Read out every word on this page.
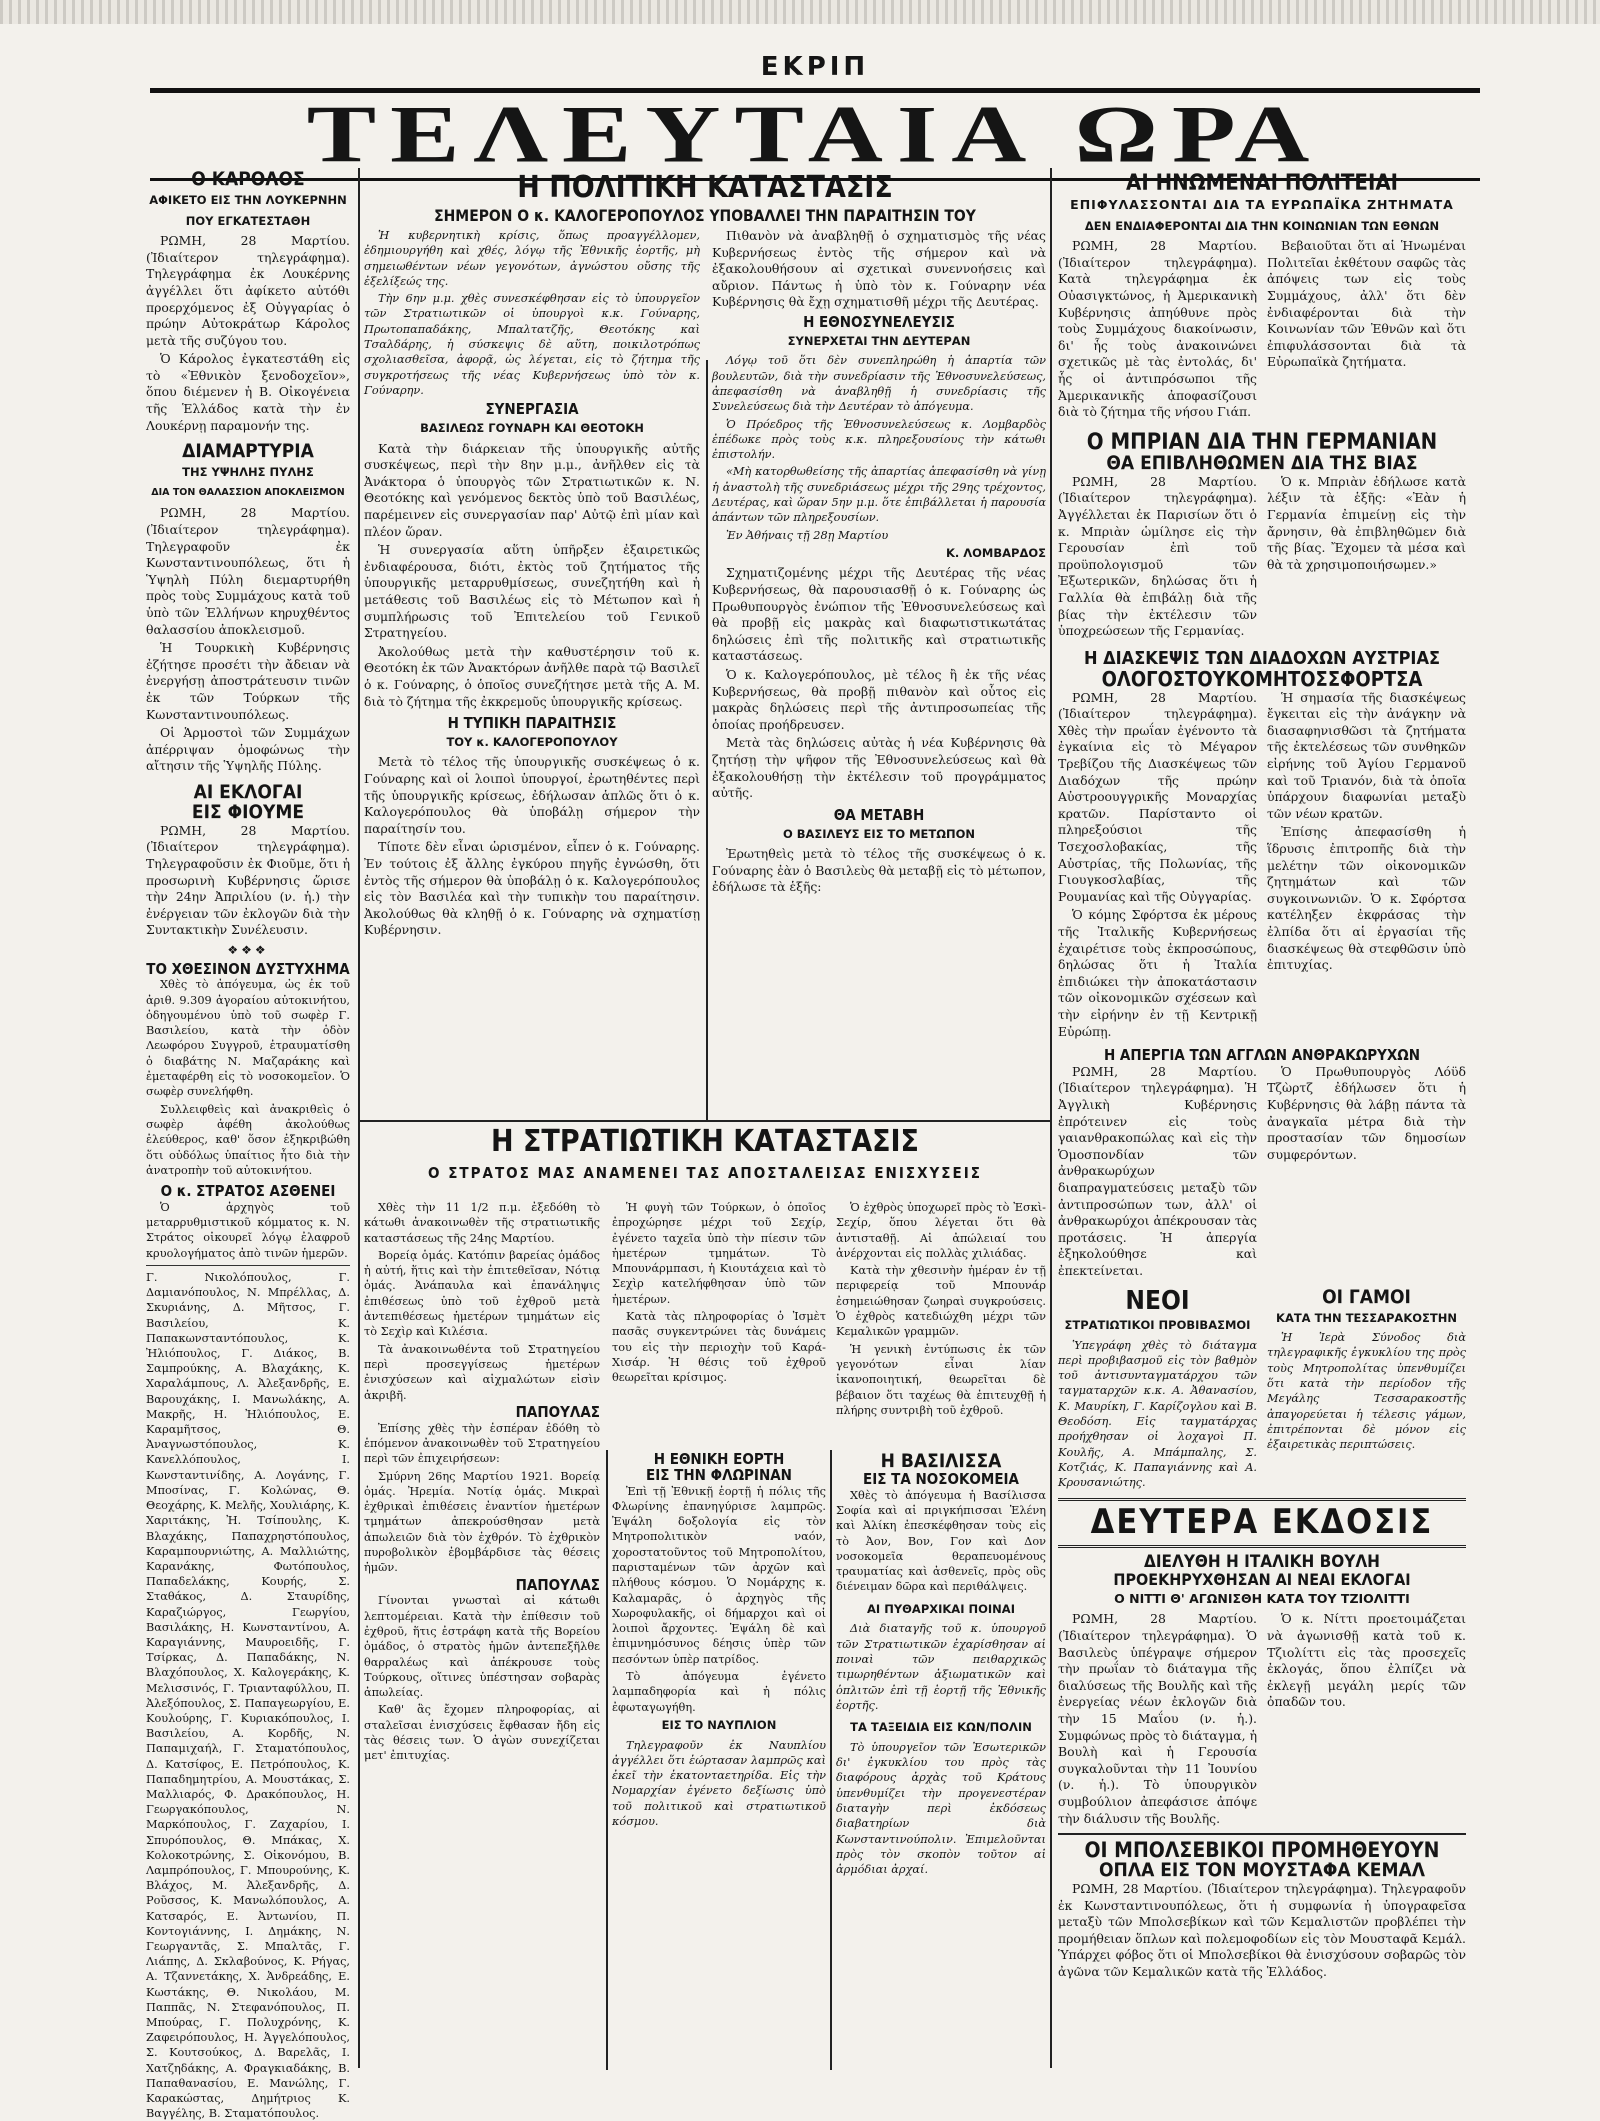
ΕΚΡΙΠ
ΤΕΛΕΥΤΑΙΑ ΩΡΑ
Ο ΚΑΡΟΛΟΣ
ΑΦΙΚΕΤΟ ΕΙΣ ΤΗΝ ΛΟΥΚΕΡΝΗΝ
ΠΟΥ ΕΓΚΑΤΕΣΤΑΘΗ

ΡΩΜΗ, 28 Μαρτίου. (Ἰδιαίτερον τηλεγράφημα). Τηλεγράφημα ἐκ Λουκέρνης ἀγγέλλει ὅτι ἀφίκετο αὐτόθι προερχόμενος ἐξ Οὐγγαρίας ὁ πρώην Αὐτοκράτωρ Κάρολος μετὰ τῆς συζύγου του.

Ὁ Κάρολος ἐγκατεστάθη εἰς τὸ «Ἐθνικὸν ξενοδοχεῖον», ὅπου διέμενεν ἡ Β. Οἰκογένεια τῆς Ἑλλάδος κατὰ τὴν ἐν Λουκέρνῃ παραμονήν της.

ΔΙΑΜΑΡΤΥΡΙΑ
ΤΗΣ ΥΨΗΛΗΣ ΠΥΛΗΣ
ΔΙΑ ΤΟΝ ΘΑΛΑΣΣΙΟΝ ΑΠΟΚΛΕΙΣΜΟΝ

ΡΩΜΗ, 28 Μαρτίου. (Ἰδιαίτερον τηλεγράφημα). Τηλεγραφοῦν ἐκ Κωνσταντινουπόλεως, ὅτι ἡ Ὑψηλὴ Πύλη διεμαρτυρήθη πρὸς τοὺς Συμμάχους κατὰ τοῦ ὑπὸ τῶν Ἑλλήνων κηρυχθέντος θαλασσίου ἀποκλεισμοῦ.

Ἡ Τουρκικὴ Κυβέρνησις ἐζήτησε προσέτι τὴν ἄδειαν νὰ ἐνεργήσῃ ἀποστράτευσιν τινῶν ἐκ τῶν Τούρκων τῆς Κωνσταντινουπόλεως.

Οἱ Ἁρμοστοὶ τῶν Συμμάχων ἀπέρριψαν ὁμοφώνως τὴν αἴτησιν τῆς Ὑψηλῆς Πύλης.

ΑΙ ΕΚΛΟΓΑΙ
ΕΙΣ ΦΙΟΥΜΕ

ΡΩΜΗ, 28 Μαρτίου. (Ἰδιαίτερον τηλεγράφημα). Τηλεγραφοῦσιν ἐκ Φιοῦμε, ὅτι ἡ προσωρινὴ Κυβέρνησις ὥρισε τὴν 24ην Ἀπριλίου (ν. ἡ.) τὴν ἐνέργειαν τῶν ἐκλογῶν διὰ τὴν Συντακτικὴν Συνέλευσιν.

❖❖❖
ΤΟ ΧΘΕΣΙΝΟΝ ΔΥΣΤΥΧΗΜΑ

Χθὲς τὸ ἀπόγευμα, ὡς ἐκ τοῦ ἀριθ. 9.309 ἀγοραίου αὐτοκινήτου, ὁδηγουμένου ὑπὸ τοῦ σωφὲρ Γ. Βασιλείου, κατὰ τὴν ὁδὸν Λεωφόρου Συγγροῦ, ἐτραυματίσθη ὁ διαβάτης Ν. Μαζαράκης καὶ ἐμεταφέρθη εἰς τὸ νοσοκομεῖον. Ὁ σωφὲρ συνελήφθη.

Συλλειφθεὶς καὶ ἀνακριθεὶς ὁ σωφὲρ ἀφέθη ἀκολούθως ἐλεύθερος, καθ' ὅσον ἐξηκριβώθη ὅτι οὐδόλως ὑπαίτιος ἦτο διὰ τὴν ἀνατροπὴν τοῦ αὐτοκινήτου.

Ο κ. ΣΤΡΑΤΟΣ ΑΣΘΕΝΕΙ

Ὁ ἀρχηγὸς τοῦ μεταρρυθμιστικοῦ κόμματος κ. Ν. Στράτος οἰκουρεῖ λόγῳ ἐλαφροῦ κρυολογήματος ἀπὸ τινῶν ἡμερῶν.

Γ. Νικολόπουλος, Γ. Δαμιανόπουλος, Ν. Μπρέλλας, Δ. Σκυριάνης, Δ. Μῆτσος, Γ. Βασιλείου, Κ. Παπακωνσταντόπουλος, Κ. Ἠλιόπουλος, Γ. Διάκος, Β. Σαμπρούκης, Α. Βλαχάκης, Κ. Χαραλάμπους, Λ. Ἀλεξανδρῆς, Ε. Βαρουχάκης, Ι. Μανωλάκης, Α. Μακρῆς, Η. Ἠλιόπουλος, Ε. Καραμῆτσος, Θ. Ἀναγνωστόπουλος, Κ. Κανελλόπουλος, Ι. Κωνσταντινίδης, Α. Λογάνης, Γ. Μποσίνας, Γ. Κολώνας, Θ. Θεοχάρης, Κ. Μελῆς, Χουλιάρης, Κ. Χαριτάκης, Ἠ. Τσίπουλης, Κ. Βλαχάκης, Παπαχρηστόπουλος, Καραμπουρνιώτης, Α. Μαλλιώτης, Καρανάκης, Φωτόπουλος, Παπαδελάκης, Κουρής, Σ. Σταθάκος, Δ. Σταυρίδης, Καραζιώργος, Γεωργίου, Βασιλάκης, Η. Κωνσταντίνου, Α. Καραγιάννης, Μαυροειδῆς, Γ. Τσίρκας, Δ. Παπαδάκης, Ν. Βλαχόπουλος, Χ. Καλογεράκης, Κ. Μελισσινός, Γ. Τριανταφύλλου, Π. Ἀλεξόπουλος, Σ. Παπαγεωργίου, Ε. Κουλούρης, Γ. Κυριακόπουλος, Ι. Βασιλείου, Α. Κορδῆς, Ν. Παπαμιχαήλ, Γ. Σταματόπουλος, Δ. Κατσίφος, Ε. Πετρόπουλος, Κ. Παπαδημητρίου, Α. Μουστάκας, Σ. Μαλλιαρός, Φ. Δρακόπουλος, Η. Γεωργακόπουλος, Ν. Μαρκόπουλος, Γ. Ζαχαρίου, Ι. Σπυρόπουλος, Θ. Μπάκας, Χ. Κολοκοτρώνης, Σ. Οἰκονόμου, Β. Λαμπρόπουλος, Γ. Μπουρούνης, Κ. Βλάχος, Μ. Ἀλεξανδρῆς, Δ. Ροῦσσος, Κ. Μανωλόπουλος, Α. Κατσαρός, Ε. Ἀντωνίου, Π. Κοντογιάννης, Ι. Δημάκης, Ν. Γεωργαντᾶς, Σ. Μπαλτᾶς, Γ. Λιάπης, Δ. Σκλαβούνος, Κ. Ρήγας, Α. Τζαννετάκης, Χ. Ἀνδρεάδης, Ε. Κωστάκης, Θ. Νικολάου, Μ. Παππᾶς, Ν. Στεφανόπουλος, Π. Μπούρας, Γ. Πολυχρόνης, Κ. Ζαφειρόπουλος, Η. Ἀγγελόπουλος, Σ. Κουτσούκος, Δ. Βαρελᾶς, Ι. Χατζηδάκης, Α. Φραγκιαδάκης, Β. Παπαθανασίου, Ε. Μανώλης, Γ. Καρακώστας, Δημήτριος Κ. Βαγγέλης, Β. Σταματόπουλος.
Η ΠΟΛΙΤΙΚΗ ΚΑΤΑΣΤΑΣΙΣ
ΣΗΜΕΡΟΝ Ο κ. ΚΑΛΟΓΕΡΟΠΟΥΛΟΣ ΥΠΟΒΑΛΛΕΙ ΤΗΝ ΠΑΡΑΙΤΗΣΙΝ ΤΟΥ

Ἡ κυβερνητικὴ κρίσις, ὅπως προαγγέλλομεν, ἐδημιουργήθη καὶ χθές, λόγῳ τῆς Ἐθνικῆς ἑορτῆς, μὴ σημειωθέντων νέων γεγονότων, ἀγνώστου οὔσης τῆς ἐξελίξεώς της.

Τὴν 6ην μ.μ. χθὲς συνεσκέφθησαν εἰς τὸ ὑπουργεῖον τῶν Στρατιωτικῶν οἱ ὑπουργοὶ κ.κ. Γούναρης, Πρωτοπαπαδάκης, Μπαλτατζῆς, Θεοτόκης καὶ Τσαλδάρης, ἡ σύσκεψις δὲ αὕτη, ποικιλοτρόπως σχολιασθεῖσα, ἀφορᾷ, ὡς λέγεται, εἰς τὸ ζήτημα τῆς συγκροτήσεως τῆς νέας Κυβερνήσεως ὑπὸ τὸν κ. Γούναρην.

ΣΥΝΕΡΓΑΣΙΑ
ΒΑΣΙΛΕΩΣ ΓΟΥΝΑΡΗ ΚΑΙ ΘΕΟΤΟΚΗ

Κατὰ τὴν διάρκειαν τῆς ὑπουργικῆς αὐτῆς συσκέψεως, περὶ τὴν 8ην μ.μ., ἀνῆλθεν εἰς τὰ Ἀνάκτορα ὁ ὑπουργὸς τῶν Στρατιωτικῶν κ. Ν. Θεοτόκης καὶ γενόμενος δεκτὸς ὑπὸ τοῦ Βασιλέως, παρέμεινεν εἰς συνεργασίαν παρ' Αὐτῷ ἐπὶ μίαν καὶ πλέον ὥραν.

Ἡ συνεργασία αὕτη ὑπῆρξεν ἐξαιρετικῶς ἐνδιαφέρουσα, διότι, ἐκτὸς τοῦ ζητήματος τῆς ὑπουργικῆς μεταρρυθμίσεως, συνεζητήθη καὶ ἡ μετάθεσις τοῦ Βασιλέως εἰς τὸ Μέτωπον καὶ ἡ συμπλήρωσις τοῦ Ἐπιτελείου τοῦ Γενικοῦ Στρατηγείου.

Ἀκολούθως μετὰ τὴν καθυστέρησιν τοῦ κ. Θεοτόκη ἐκ τῶν Ἀνακτόρων ἀνῆλθε παρὰ τῷ Βασιλεῖ ὁ κ. Γούναρης, ὁ ὁποῖος συνεζήτησε μετὰ τῆς Α. Μ. διὰ τὸ ζήτημα τῆς ἐκκρεμοῦς ὑπουργικῆς κρίσεως.

Η ΤΥΠΙΚΗ ΠΑΡΑΙΤΗΣΙΣ
ΤΟΥ κ. ΚΑΛΟΓΕΡΟΠΟΥΛΟΥ

Μετὰ τὸ τέλος τῆς ὑπουργικῆς συσκέψεως ὁ κ. Γούναρης καὶ οἱ λοιποὶ ὑπουργοί, ἐρωτηθέντες περὶ τῆς ὑπουργικῆς κρίσεως, ἐδήλωσαν ἁπλῶς ὅτι ὁ κ. Καλογερόπουλος θὰ ὑποβάλῃ σήμερον τὴν παραίτησίν του.

Τίποτε δὲν εἶναι ὡρισμένον, εἶπεν ὁ κ. Γούναρης. Ἐν τούτοις ἐξ ἄλλης ἐγκύρου πηγῆς ἐγνώσθη, ὅτι ἐντὸς τῆς σήμερον θὰ ὑποβάλῃ ὁ κ. Καλογερόπουλος εἰς τὸν Βασιλέα καὶ τὴν τυπικὴν του παραίτησιν. Ἀκολούθως θὰ κληθῇ ὁ κ. Γούναρης νὰ σχηματίσῃ Κυβέρνησιν.

Πιθανὸν νὰ ἀναβληθῇ ὁ σχηματισμὸς τῆς νέας Κυβερνήσεως ἐντὸς τῆς σήμερον καὶ νὰ ἐξακολουθήσουν αἱ σχετικαὶ συνεννοήσεις καὶ αὔριον. Πάντως ἡ ὑπὸ τὸν κ. Γούναρην νέα Κυβέρνησις θὰ ἔχῃ σχηματισθῆ μέχρι τῆς Δευτέρας.

Η ΕΘΝΟΣΥΝΕΛΕΥΣΙΣ
ΣΥΝΕΡΧΕΤΑΙ ΤΗΝ ΔΕΥΤΕΡΑΝ

Λόγῳ τοῦ ὅτι δὲν συνεπληρώθη ἡ ἀπαρτία τῶν βουλευτῶν, διὰ τὴν συνεδρίασιν τῆς Ἐθνοσυνελεύσεως, ἀπεφασίσθη νὰ ἀναβληθῇ ἡ συνεδρίασις τῆς Συνελεύσεως διὰ τὴν Δευτέραν τὸ ἀπόγευμα.

Ὁ Πρόεδρος τῆς Ἐθνοσυνελεύσεως κ. Λομβαρδὸς ἐπέδωκε πρὸς τοὺς κ.κ. πληρεξουσίους τὴν κάτωθι ἐπιστολήν.

«Μὴ κατορθωθείσης τῆς ἀπαρτίας ἀπεφασίσθη νὰ γίνῃ ἡ ἀναστολὴ τῆς συνεδριάσεως μέχρι τῆς 29ης τρέχοντος, Δευτέρας, καὶ ὥραν 5ην μ.μ. ὅτε ἐπιβάλλεται ἡ παρουσία ἁπάντων τῶν πληρεξουσίων.

Ἐν Ἀθήναις τῇ 28ῃ Μαρτίου

Κ. ΛΟΜΒΑΡΔΟΣ

Σχηματιζομένης μέχρι τῆς Δευτέρας τῆς νέας Κυβερνήσεως, θὰ παρουσιασθῇ ὁ κ. Γούναρης ὡς Πρωθυπουργὸς ἐνώπιον τῆς Ἐθνοσυνελεύσεως καὶ θὰ προβῇ εἰς μακρὰς καὶ διαφωτιστικωτάτας δηλώσεις ἐπὶ τῆς πολιτικῆς καὶ στρατιωτικῆς καταστάσεως.

Ὁ κ. Καλογερόπουλος, μὲ τέλος ἢ ἐκ τῆς νέας Κυβερνήσεως, θὰ προβῇ πιθανὸν καὶ οὗτος εἰς μακρὰς δηλώσεις περὶ τῆς ἀντιπροσωπείας τῆς ὁποίας προήδρευσεν.

Μετὰ τὰς δηλώσεις αὐτὰς ἡ νέα Κυβέρνησις θὰ ζητήσῃ τὴν ψῆφον τῆς Ἐθνοσυνελεύσεως καὶ θὰ ἐξακολουθήσῃ τὴν ἐκτέλεσιν τοῦ προγράμματος αὐτῆς.

ΘΑ ΜΕΤΑΒΗ
Ο ΒΑΣΙΛΕΥΣ ΕΙΣ ΤΟ ΜΕΤΩΠΟΝ

Ἐρωτηθεὶς μετὰ τὸ τέλος τῆς συσκέψεως ὁ κ. Γούναρης ἐὰν ὁ Βασιλεὺς θὰ μεταβῇ εἰς τὸ μέτωπον, ἐδήλωσε τὰ ἑξῆς:

Η ΣΤΡΑΤΙΩΤΙΚΗ ΚΑΤΑΣΤΑΣΙΣ
Ο ΣΤΡΑΤΟΣ ΜΑΣ ΑΝΑΜΕΝΕΙ ΤΑΣ ΑΠΟΣΤΑΛΕΙΣΑΣ ΕΝΙΣΧΥΣΕΙΣ

Χθὲς τὴν 11 1/2 π.μ. ἐξεδόθη τὸ κάτωθι ἀνακοινωθὲν τῆς στρατιωτικῆς καταστάσεως τῆς 24ης Μαρτίου.

Βορείᾳ ὁμάς. Κατόπιν βαρείας ὁμάδος ἡ αὐτή, ἥτις καὶ τὴν ἐπιτεθεῖσαν, Νότιᾳ ὁμάς. Ἀνάπαυλα καὶ ἐπανάληψις ἐπιθέσεως ὑπὸ τοῦ ἐχθροῦ μετὰ ἀντεπιθέσεως ἡμετέρων τμημάτων εἰς τὸ Σεχὶρ καὶ Κιλέσια.

Τὰ ἀνακοινωθέντα τοῦ Στρατηγείου περὶ προσεγγίσεως ἡμετέρων ἐνισχύσεων καὶ αἰχμαλώτων εἰσὶν ἀκριβῆ.

ΠΑΠΟΥΛΑΣ

Ἐπίσης χθὲς τὴν ἑσπέραν ἐδόθη τὸ ἑπόμενον ἀνακοινωθὲν τοῦ Στρατηγείου περὶ τῶν ἐπιχειρήσεων:

Σμύρνη 26ης Μαρτίου 1921. Βορείᾳ ὁμάς. Ἠρεμία. Νοτίᾳ ὁμάς. Μικραὶ ἐχθρικαὶ ἐπιθέσεις ἐναντίον ἡμετέρων τμημάτων ἀπεκρούσθησαν μετὰ ἀπωλειῶν διὰ τὸν ἐχθρόν. Τὸ ἐχθρικὸν πυροβολικὸν ἐβομβάρδισε τὰς θέσεις ἡμῶν.

ΠΑΠΟΥΛΑΣ

Γίνονται γνωσταὶ αἱ κάτωθι λεπτομέρειαι. Κατὰ τὴν ἐπίθεσιν τοῦ ἐχθροῦ, ἥτις ἐστράφη κατὰ τῆς Βορείου ὁμάδος, ὁ στρατὸς ἡμῶν ἀντεπεξῆλθε θαρραλέως καὶ ἀπέκρουσε τοὺς Τούρκους, οἵτινες ὑπέστησαν σοβαρὰς ἀπωλείας.

Καθ' ἃς ἔχομεν πληροφορίας, αἱ σταλεῖσαι ἐνισχύσεις ἔφθασαν ἤδη εἰς τὰς θέσεις των. Ὁ ἀγὼν συνεχίζεται μετ' ἐπιτυχίας.

Ἡ φυγὴ τῶν Τούρκων, ὁ ὁποῖος ἐπροχώρησε μέχρι τοῦ Σεχίρ, ἐγένετο ταχεῖα ὑπὸ τὴν πίεσιν τῶν ἡμετέρων τμημάτων. Τὸ Μπουνάρμπασι, ἡ Κιουτάχεια καὶ τὸ Σεχὶρ κατελήφθησαν ὑπὸ τῶν ἡμετέρων.

Κατὰ τὰς πληροφορίας ὁ Ἰσμὲτ πασᾶς συγκεντρώνει τὰς δυνάμεις του εἰς τὴν περιοχὴν τοῦ Καρά-Χισάρ. Ἡ θέσις τοῦ ἐχθροῦ θεωρεῖται κρίσιμος.

Ὁ ἐχθρὸς ὑποχωρεῖ πρὸς τὸ Ἐσκὶ-Σεχίρ, ὅπου λέγεται ὅτι θὰ ἀντισταθῇ. Αἱ ἀπώλειαί του ἀνέρχονται εἰς πολλὰς χιλιάδας.

Κατὰ τὴν χθεσινὴν ἡμέραν ἐν τῇ περιφερείᾳ τοῦ Μπουνάρ ἐσημειώθησαν ζωηραὶ συγκρούσεις. Ὁ ἐχθρὸς κατεδιώχθη μέχρι τῶν Κεμαλικῶν γραμμῶν.

Ἡ γενικὴ ἐντύπωσις ἐκ τῶν γεγονότων εἶναι λίαν ἱκανοποιητική, θεωρεῖται δὲ βέβαιον ὅτι ταχέως θὰ ἐπιτευχθῇ ἡ πλήρης συντριβὴ τοῦ ἐχθροῦ.

Η ΕΘΝΙΚΗ ΕΟΡΤΗ
ΕΙΣ ΤΗΝ ΦΛΩΡΙΝΑΝ

Ἐπὶ τῇ Ἐθνικῇ ἑορτῇ ἡ πόλις τῆς Φλωρίνης ἐπανηγύρισε λαμπρῶς. Ἐψάλη δοξολογία εἰς τὸν Μητροπολιτικὸν ναόν, χοροστατοῦντος τοῦ Μητροπολίτου, παρισταμένων τῶν ἀρχῶν καὶ πλήθους κόσμου. Ὁ Νομάρχης κ. Καλαμαρᾶς, ὁ ἀρχηγὸς τῆς Χωροφυλακῆς, οἱ δήμαρχοι καὶ οἱ λοιποὶ ἄρχοντες. Ἐψάλη δὲ καὶ ἐπιμνημόσυνος δέησις ὑπὲρ τῶν πεσόντων ὑπὲρ πατρίδος.

Τὸ ἀπόγευμα ἐγένετο λαμπαδηφορία καὶ ἡ πόλις ἐφωταγωγήθη.

ΕΙΣ ΤΟ ΝΑΥΠΛΙΟΝ

Τηλεγραφοῦν ἐκ Ναυπλίου ἀγγέλλει ὅτι ἑώρτασαν λαμπρῶς καὶ ἐκεῖ τὴν ἑκατονταετηρίδα. Εἰς τὴν Νομαρχίαν ἐγένετο δεξίωσις ὑπὸ τοῦ πολιτικοῦ καὶ στρατιωτικοῦ κόσμου.

Η ΒΑΣΙΛΙΣΣΑ
ΕΙΣ ΤΑ ΝΟΣΟΚΟΜΕΙΑ

Χθὲς τὸ ἀπόγευμα ἡ Βασίλισσα Σοφία καὶ αἱ πριγκήπισσαι Ἑλένη καὶ Ἀλίκη ἐπεσκέφθησαν τοὺς εἰς τὸ Ἀον, Βον, Γον καὶ Δον νοσοκομεῖα θεραπευομένους τραυματίας καὶ ἀσθενεῖς, πρὸς οὓς διένειμαν δῶρα καὶ περιθάλψεις.

ΑΙ ΠΥΘΑΡΧΙΚΑΙ ΠΟΙΝΑΙ

Διὰ διαταγῆς τοῦ κ. ὑπουργοῦ τῶν Στρατιωτικῶν ἐχαρίσθησαν αἱ ποιναὶ τῶν πειθαρχικῶς τιμωρηθέντων ἀξιωματικῶν καὶ ὁπλιτῶν ἐπὶ τῇ ἑορτῇ τῆς Ἐθνικῆς ἑορτῆς.

ΤΑ ΤΑΞΕΙΔΙΑ ΕΙΣ ΚΩΝ/ΠΟΛΙΝ

Τὸ ὑπουργεῖον τῶν Ἐσωτερικῶν δι' ἐγκυκλίου του πρὸς τὰς διαφόρους ἀρχὰς τοῦ Κράτους ὑπενθυμίζει τὴν προγενεστέραν διαταγὴν περὶ ἐκδόσεως διαβατηρίων διὰ Κωνσταντινούπολιν. Ἐπιμελοῦνται πρὸς τὸν σκοπὸν τοῦτον αἱ ἀρμόδιαι ἀρχαί.

ΑΙ ΗΝΩΜΕΝΑΙ ΠΟΛΙΤΕΙΑΙ
ΕΠΙΦΥΛΑΣΣΟΝΤΑΙ ΔΙΑ ΤΑ ΕΥΡΩΠΑΪΚΑ ΖΗΤΗΜΑΤΑ
ΔΕΝ ΕΝΔΙΑΦΕΡΟΝΤΑΙ ΔΙΑ ΤΗΝ ΚΟΙΝΩΝΙΑΝ ΤΩΝ ΕΘΝΩΝ

ΡΩΜΗ, 28 Μαρτίου. (Ἰδιαίτερον τηλεγράφημα). Κατὰ τηλεγράφημα ἐκ Οὐασιγκτώνος, ἡ Ἀμερικανικὴ Κυβέρνησις ἀπηύθυνε πρὸς τοὺς Συμμάχους διακοίνωσιν, δι' ἧς τοὺς ἀνακοινώνει σχετικῶς μὲ τὰς ἐντολάς, δι' ἧς οἱ ἀντιπρόσωποι τῆς Ἀμερικανικῆς ἀποφασίζουσι διὰ τὸ ζήτημα τῆς νήσου Γιάπ.

Βεβαιοῦται ὅτι αἱ Ἡνωμέναι Πολιτεῖαι ἐκθέτουν σαφῶς τὰς ἀπόψεις των εἰς τοὺς Συμμάχους, ἀλλ' ὅτι δὲν ἐνδιαφέρονται διὰ τὴν Κοινωνίαν τῶν Ἐθνῶν καὶ ὅτι ἐπιφυλάσσονται διὰ τὰ Εὐρωπαϊκὰ ζητήματα.

Ο ΜΠΡΙΑΝ ΔΙΑ ΤΗΝ ΓΕΡΜΑΝΙΑΝ
ΘΑ ΕΠΙΒΛΗΘΩΜΕΝ ΔΙΑ ΤΗΣ ΒΙΑΣ

ΡΩΜΗ, 28 Μαρτίου. (Ἰδιαίτερον τηλεγράφημα). Ἀγγέλλεται ἐκ Παρισίων ὅτι ὁ κ. Μπριὰν ὡμίλησε εἰς τὴν Γερουσίαν ἐπὶ τοῦ προϋπολογισμοῦ τῶν Ἐξωτερικῶν, δηλώσας ὅτι ἡ Γαλλία θὰ ἐπιβάλῃ διὰ τῆς βίας τὴν ἐκτέλεσιν τῶν ὑποχρεώσεων τῆς Γερμανίας.

Ὁ κ. Μπριὰν ἐδήλωσε κατὰ λέξιν τὰ ἑξῆς: «Ἐὰν ἡ Γερμανία ἐπιμείνῃ εἰς τὴν ἄρνησιν, θὰ ἐπιβληθῶμεν διὰ τῆς βίας. Ἔχομεν τὰ μέσα καὶ θὰ τὰ χρησιμοποιήσωμεν.»

Η ΔΙΑΣΚΕΨΙΣ ΤΩΝ ΔΙΑΔΟΧΩΝ ΑΥΣΤΡΙΑΣ
ΟΛΟΓΟΣΤΟΥΚΟΜΗΤΟΣΣΦΟΡΤΣΑ

ΡΩΜΗ, 28 Μαρτίου. (Ἰδιαίτερον τηλεγράφημα). Χθὲς τὴν πρωΐαν ἐγένοντο τὰ ἐγκαίνια εἰς τὸ Μέγαρον Τρεβίζου τῆς Διασκέψεως τῶν Διαδόχων τῆς πρώην Αὐστροουγγρικῆς Μοναρχίας κρατῶν. Παρίσταντο οἱ πληρεξούσιοι τῆς Τσεχοσλοβακίας, τῆς Αὐστρίας, τῆς Πολωνίας, τῆς Γιουγκοσλαβίας, τῆς Ρουμανίας καὶ τῆς Οὐγγαρίας.

Ὁ κόμης Σφόρτσα ἐκ μέρους τῆς Ἰταλικῆς Κυβερνήσεως ἐχαιρέτισε τοὺς ἐκπροσώπους, δηλώσας ὅτι ἡ Ἰταλία ἐπιδιώκει τὴν ἀποκατάστασιν τῶν οἰκονομικῶν σχέσεων καὶ τὴν εἰρήνην ἐν τῇ Κεντρικῇ Εὐρώπῃ.

Ἡ σημασία τῆς διασκέψεως ἔγκειται εἰς τὴν ἀνάγκην νὰ διασαφηνισθῶσι τὰ ζητήματα τῆς ἐκτελέσεως τῶν συνθηκῶν εἰρήνης τοῦ Ἁγίου Γερμανοῦ καὶ τοῦ Τριανόν, διὰ τὰ ὁποῖα ὑπάρχουν διαφωνίαι μεταξὺ τῶν νέων κρατῶν.

Ἐπίσης ἀπεφασίσθη ἡ ἵδρυσις ἐπιτροπῆς διὰ τὴν μελέτην τῶν οἰκονομικῶν ζητημάτων καὶ τῶν συγκοινωνιῶν. Ὁ κ. Σφόρτσα κατέληξεν ἐκφράσας τὴν ἐλπίδα ὅτι αἱ ἐργασίαι τῆς διασκέψεως θὰ στεφθῶσιν ὑπὸ ἐπιτυχίας.

Η ΑΠΕΡΓΙΑ ΤΩΝ ΑΓΓΛΩΝ ΑΝΘΡΑΚΩΡΥΧΩΝ

ΡΩΜΗ, 28 Μαρτίου. (Ἰδιαίτερον τηλεγράφημα). Ἡ Ἀγγλικὴ Κυβέρνησις ἐπρότεινεν εἰς τοὺς γαιανθρακοπώλας καὶ εἰς τὴν Ὁμοσπονδίαν τῶν ἀνθρακωρύχων διαπραγματεύσεις μεταξὺ τῶν ἀντιπροσώπων των, ἀλλ' οἱ ἀνθρακωρύχοι ἀπέκρουσαν τὰς προτάσεις. Ἡ ἀπεργία ἐξηκολούθησε καὶ ἐπεκτείνεται.

Ὁ Πρωθυπουργὸς Λόϋδ Τζὼρτζ ἐδήλωσεν ὅτι ἡ Κυβέρνησις θὰ λάβῃ πάντα τὰ ἀναγκαῖα μέτρα διὰ τὴν προστασίαν τῶν δημοσίων συμφερόντων.

ΝΕΟΙ
ΣΤΡΑΤΙΩΤΙΚΟΙ ΠΡΟΒΙΒΑΣΜΟΙ

Ὑπεγράφη χθὲς τὸ διάταγμα περὶ προβιβασμοῦ εἰς τὸν βαθμὸν τοῦ ἀντισυνταγματάρχου τῶν ταγματαρχῶν κ.κ. Α. Ἀθανασίου, Κ. Μαυρίκη, Γ. Καρίζογλου καὶ Β. Θεοδόση. Εἰς ταγματάρχας προήχθησαν οἱ λοχαγοὶ Π. Κουλῆς, Α. Μπάμπαλης, Σ. Κοτζιάς, Κ. Παπαγιάννης καὶ Α. Κρουσανιώτης.

ΟΙ ΓΑΜΟΙ
ΚΑΤΑ ΤΗΝ ΤΕΣΣΑΡΑΚΟΣΤΗΝ

Ἡ Ἱερὰ Σύνοδος διὰ τηλεγραφικῆς ἐγκυκλίου της πρὸς τοὺς Μητροπολίτας ὑπενθυμίζει ὅτι κατὰ τὴν περίοδον τῆς Μεγάλης Τεσσαρακοστῆς ἀπαγορεύεται ἡ τέλεσις γάμων, ἐπιτρέπονται δὲ μόνον εἰς ἐξαιρετικὰς περιπτώσεις.

ΔΕΥΤΕΡΑ ΕΚΔΟΣΙΣ
ΔΙΕΛΥΘΗ Η ΙΤΑΛΙΚΗ ΒΟΥΛΗ
ΠΡΟΕΚΗΡΥΧΘΗΣΑΝ ΑΙ ΝΕΑΙ ΕΚΛΟΓΑΙ
Ο ΝΙΤΤΙ Θ' ΑΓΩΝΙΣΘΗ ΚΑΤΑ ΤΟΥ ΤΖΙΟΛΙΤΤΙ

ΡΩΜΗ, 28 Μαρτίου. (Ἰδιαίτερον τηλεγράφημα). Ὁ Βασιλεὺς ὑπέγραψε σήμερον τὴν πρωΐαν τὸ διάταγμα τῆς διαλύσεως τῆς Βουλῆς καὶ τῆς ἐνεργείας νέων ἐκλογῶν διὰ τὴν 15 Μαΐου (ν. ἡ.). Συμφώνως πρὸς τὸ διάταγμα, ἡ Βουλὴ καὶ ἡ Γερουσία συγκαλοῦνται τὴν 11 Ἰουνίου (ν. ἡ.). Τὸ ὑπουργικὸν συμβούλιον ἀπεφάσισε ἀπόψε τὴν διάλυσιν τῆς Βουλῆς.

Ὁ κ. Νίττι προετοιμάζεται νὰ ἀγωνισθῇ κατὰ τοῦ κ. Τζιολίττι εἰς τὰς προσεχεῖς ἐκλογάς, ὅπου ἐλπίζει νὰ ἐκλεγῇ μεγάλη μερίς τῶν ὀπαδῶν του.

ΟΙ ΜΠΟΛΣΕΒΙΚΟΙ ΠΡΟΜΗΘΕΥΟΥΝ
ΟΠΛΑ ΕΙΣ ΤΟΝ ΜΟΥΣΤΑΦΑ ΚΕΜΑΛ

ΡΩΜΗ, 28 Μαρτίου. (Ἰδιαίτερον τηλεγράφημα). Τηλεγραφοῦν ἐκ Κωνσταντινουπόλεως, ὅτι ἡ συμφωνία ἡ ὑπογραφεῖσα μεταξὺ τῶν Μπολσεβίκων καὶ τῶν Κεμαλιστῶν προβλέπει τὴν προμήθειαν ὅπλων καὶ πολεμοφοδίων εἰς τὸν Μουσταφᾶ Κεμάλ. Ὑπάρχει φόβος ὅτι οἱ Μπολσεβίκοι θὰ ἐνισχύσουν σοβαρῶς τὸν ἀγῶνα τῶν Κεμαλικῶν κατὰ τῆς Ἑλλάδος.
